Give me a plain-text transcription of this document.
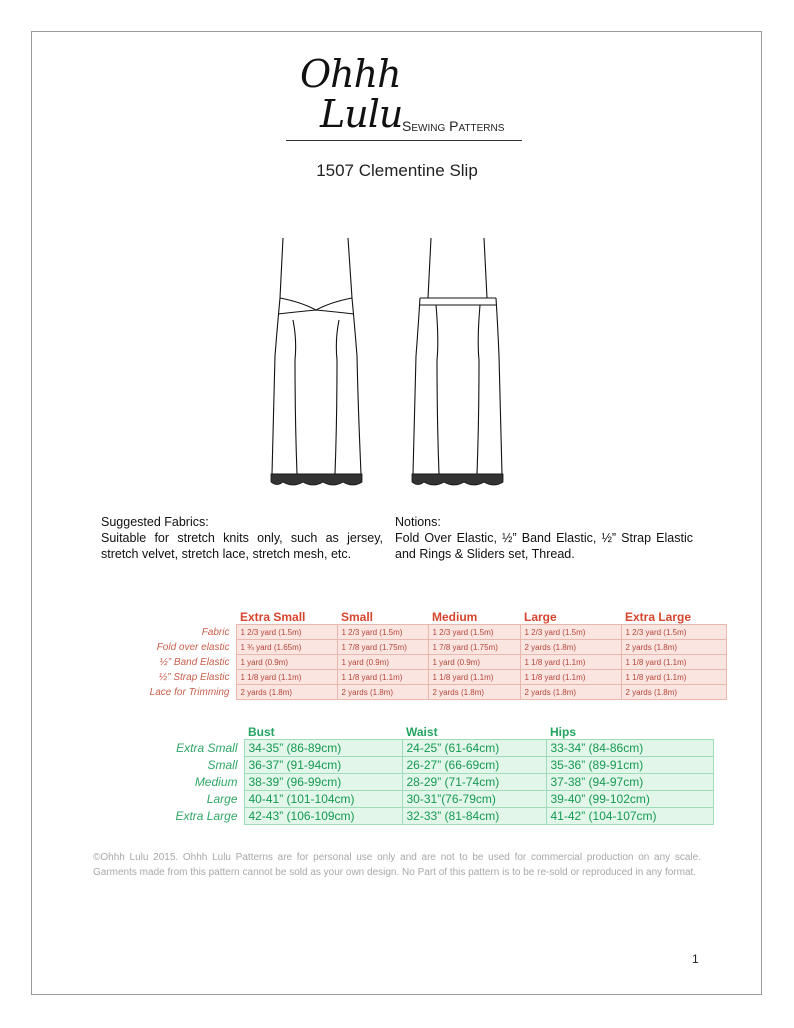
Ohhh
Lulu Sewing Patterns
1507 Clementine Slip
Suggested Fabrics:
Suitable for stretch knits only, such as jersey, stretch velvet, stretch lace, stretch mesh, etc.
Notions:
Fold Over Elastic, ½” Band Elastic, ½” Strap Elastic and Rings & Sliders set, Thread.
	Extra Small	Small	Medium	Large	Extra Large
Fabric	1 2/3 yard (1.5m)	1 2/3 yard (1.5m)	1 2/3 yard (1.5m)	1 2/3 yard (1.5m)	1 2/3 yard (1.5m)
Fold over elastic	1 ¾ yard (1.65m)	1 7/8 yard (1.75m)	1 7/8 yard (1.75m)	2 yards (1.8m)	2 yards (1.8m)
½” Band Elastic	1 yard (0.9m)	1 yard (0.9m)	1 yard (0.9m)	1 1/8 yard (1.1m)	1 1/8 yard (1.1m)
½” Strap Elastic	1 1/8 yard (1.1m)	1 1/8 yard (1.1m)	1 1/8 yard (1.1m)	1 1/8 yard (1.1m)	1 1/8 yard (1.1m)
Lace for Trimming	2 yards (1.8m)	2 yards (1.8m)	2 yards (1.8m)	2 yards (1.8m)	2 yards (1.8m)
	Bust	Waist	Hips
Extra Small	34-35” (86-89cm)	24-25” (61-64cm)	33-34” (84-86cm)
Small	36-37” (91-94cm)	26-27” (66-69cm)	35-36” (89-91cm)
Medium	38-39” (96-99cm)	28-29” (71-74cm)	37-38” (94-97cm)
Large	40-41” (101-104cm)	30-31”(76-79cm)	39-40” (99-102cm)
Extra Large	42-43” (106-109cm)	32-33” (81-84cm)	41-42” (104-107cm)
©Ohhh Lulu 2015. Ohhh Lulu Patterns are for personal use only and are not to be used for commercial production on any scale. Garments made from this pattern cannot be sold as your own design. No Part of this pattern is to be re-sold or reproduced in any format.
1
